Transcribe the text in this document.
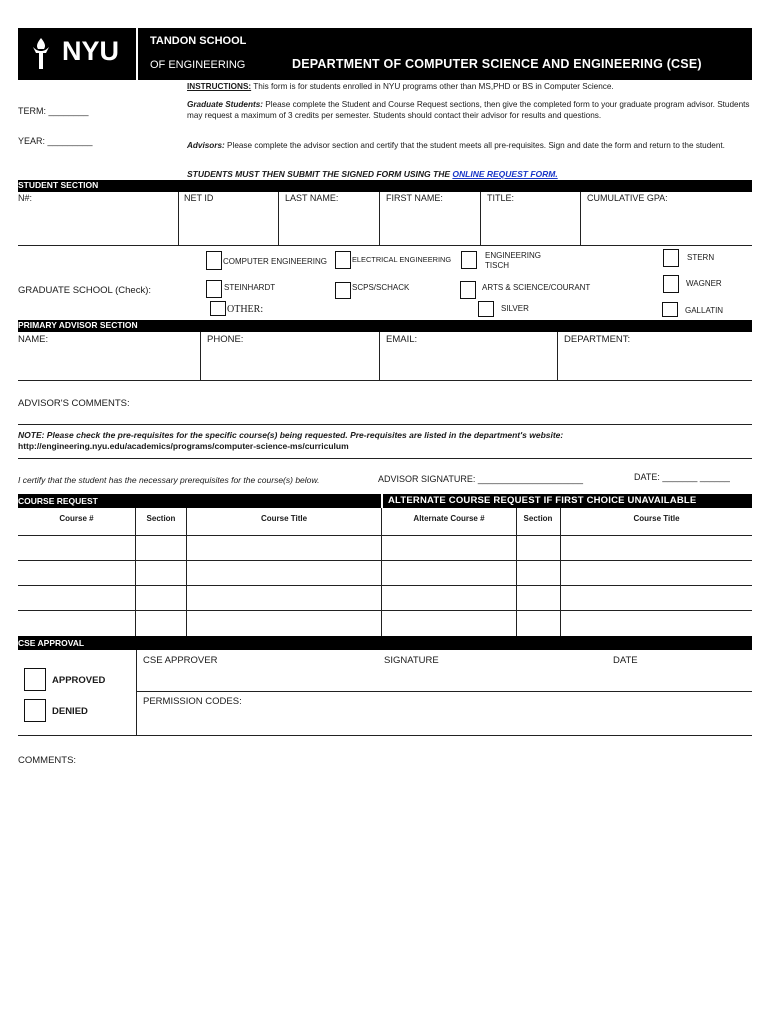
NYU	TANDON SCHOOL
OF ENGINEERING	DEPARTMENT OF COMPUTER SCIENCE AND ENGINEERING (CSE)
INSTRUCTIONS: This form is for students enrolled in NYU programs other than MS,PHD or BS in Computer Science.
Graduate Students: Please complete the Student and Course Request sections, then give the completed form to your graduate program advisor. Students may request a maximum of 3 credits per semester. Students should contact their advisor for results and questions.
Advisors: Please complete the advisor section and certify that the student meets all pre-requisites. Sign and date the form and return to the student.
STUDENTS MUST THEN SUBMIT THE SIGNED FORM USING THE ONLINE REQUEST FORM.
TERM: ________
YEAR: _________
STUDENT SECTION
N#:	NET ID	LAST NAME:	FIRST NAME:	TITLE:	CUMULATIVE GPA:
GRADUATE SCHOOL (Check):
COMPUTER ENGINEERING	ELECTRICAL ENGINEERING	ENGINEERING
TISCH
STERN
STEINHARDT	SCPS/SCHACK	ARTS & SCIENCE/COURANT	WAGNER
OTHER:	SILVER	GALLATIN
PRIMARY ADVISOR SECTION
NAME:	PHONE:	EMAIL:	DEPARTMENT:
ADVISOR'S COMMENTS:
NOTE: Please check the pre-requisites for the specific course(s) being requested. Pre-requisites are listed in the department's website:
http://engineering.nyu.edu/academics/programs/computer-science-ms/curriculum
I certify that the student has the necessary prerequisites for the course(s) below.	ADVISOR SIGNATURE: _____________________	DATE: _______ ______
COURSE REQUEST	ALTERNATE COURSE REQUEST IF FIRST CHOICE UNAVAILABLE
Course #	Section	Course Title	Alternate Course #	Section	Course Title
CSE APPROVAL
APPROVED
DENIED
CSE APPROVER	SIGNATURE	DATE
PERMISSION CODES:
COMMENTS:
